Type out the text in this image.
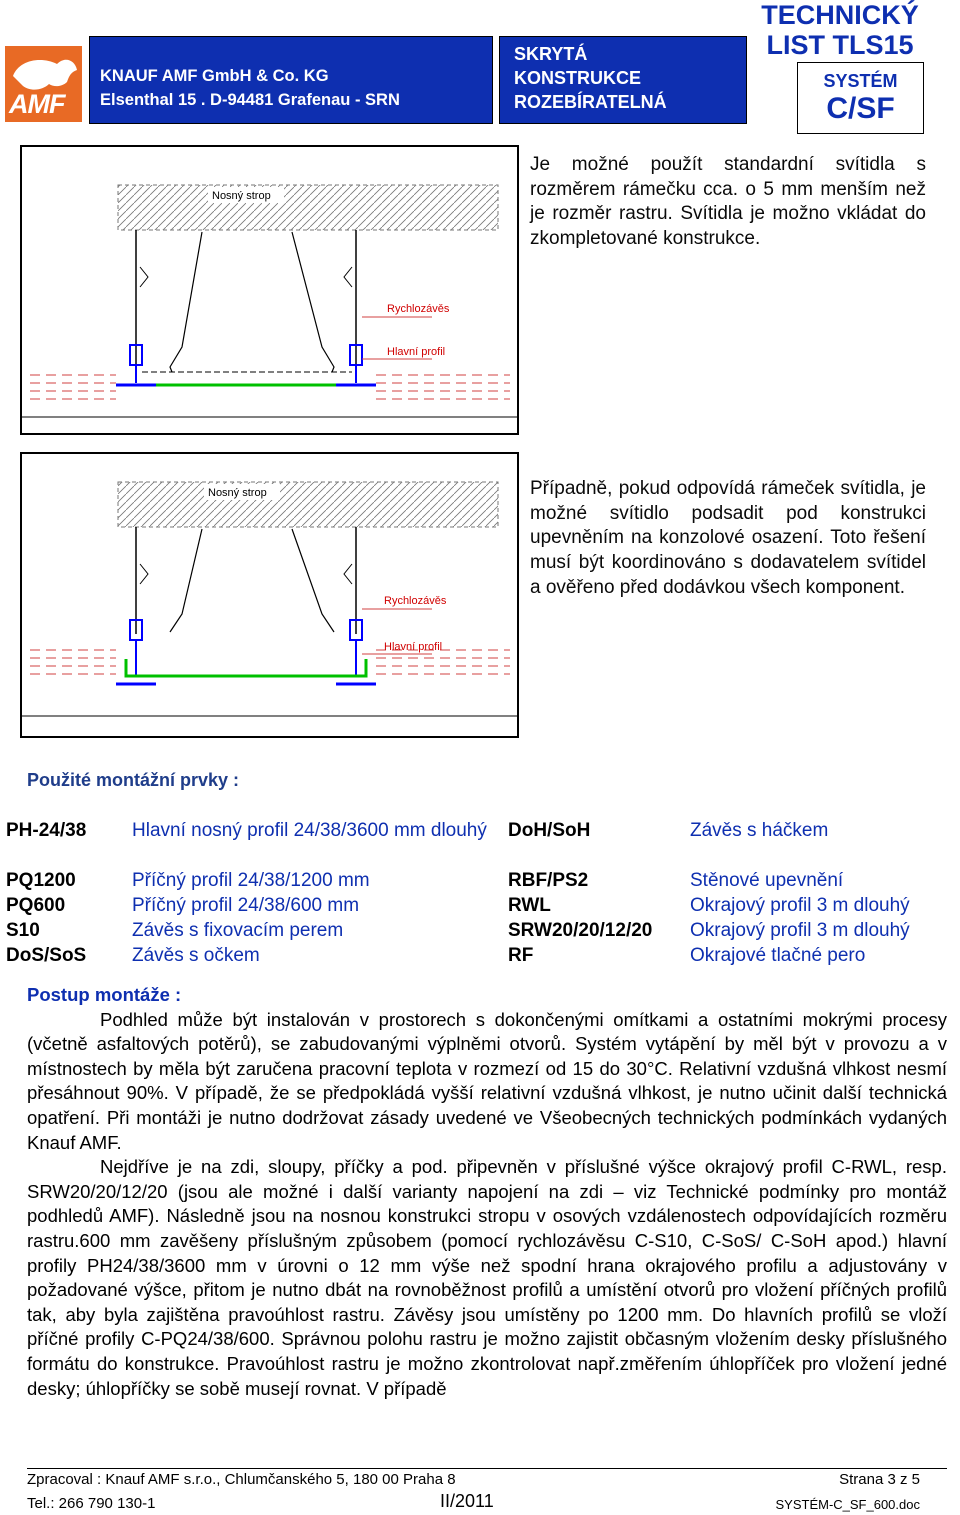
AMF
KNAUF AMF GmbH & Co. KG
Elsenthal 15 . D-94481 Grafenau - SRN
SKRYTÁ
KONSTRUKCE
ROZEBÍRATELNÁ
TECHNICKÝ
LIST TLS15
SYSTÉM
C/SF
Nosný strop
Rychlozávěs
Hlavní profil
Je možné použít standardní svítidla s rozměrem rámečku cca. o 5 mm menším než je rozměr rastru. Svítidla je možno vkládat do zkompletované konstrukce.
Nosný strop
Rychlozávěs
Hlavní profil
Případně, pokud odpovídá rámeček svítidla, je možné svítidlo podsadit pod konstrukci upevněním na konzolové osazení. Toto řešení musí být koordinováno s dodavatelem svítidel a ověřeno před dodávkou všech komponent.
Použité montážní prvky :
PH-24/38 Hlavní nosný profil 24/38/3600 mm dlouhý	DoH/SoH	Závěs s háčkem
PQ1200	Příčný profil 24/38/1200 mm	RBF/PS2	Stěnové upevnění
PQ600	Příčný profil 24/38/600 mm	RWL	Okrajový profil 3 m dlouhý
S10	Závěs s fixovacím perem	SRW20/20/12/20 Okrajový profil 3 m dlouhý
DoS/SoS Závěs s očkem	RF	Okrajové tlačné pero
Postup montáže :

Podhled může být instalován v prostorech s dokončenými omítkami a ostatními mokrými procesy (včetně asfaltových potěrů), se zabudovanými výplněmi otvorů. Systém vytápění by měl být v provozu a v místnostech by měla být zaručena pracovní teplota v rozmezí od 15 do 30°C. Relativní vzdušná vlhkost nesmí přesáhnout 90%. V případě, že se předpokládá vyšší relativní vzdušná vlhkost, je nutno učinit další technická opatření. Při montáži je nutno dodržovat zásady uvedené ve Všeobecných technických podmínkách vydaných Knauf AMF.

Nejdříve je na zdi, sloupy, příčky a pod. připevněn v příslušné výšce okrajový profil C-RWL, resp. SRW20/20/12/20 (jsou ale možné i další varianty napojení na zdi – viz Technické podmínky pro montáž podhledů AMF). Následně jsou na nosnou konstrukci stropu v osových vzdálenostech odpovídajících rozměru rastru.600 mm zavěšeny příslušným způsobem (pomocí rychlozávěsu C-S10, C-SoS/ C-SoH apod.) hlavní profily PH24/38/3600 mm v úrovni o 12 mm výše než spodní hrana okrajového profilu a adjustovány v požadované výšce, přitom je nutno dbát na rovnoběžnost profilů a umístění otvorů pro vložení příčných profilů tak, aby byla zajištěna pravoúhlost rastru. Závěsy jsou umístěny po 1200 mm. Do hlavních profilů se vloží příčné profily C-PQ24/38/600. Správnou polohu rastru je možno zajistit občasným vložením desky příslušného formátu do konstrukce. Pravoúhlost rastru je možno zkontrolovat např.změřením úhlopříček pro vložení jedné desky; úhlopříčky se sobě musejí rovnat. V případě

Zpracoval : Knauf AMF s.r.o., Chlumčanského 5, 180 00 Praha 8	Strana 3 z 5
Tel.: 266 790 130-1	II/2011	SYSTÉM-C_SF_600.doc
